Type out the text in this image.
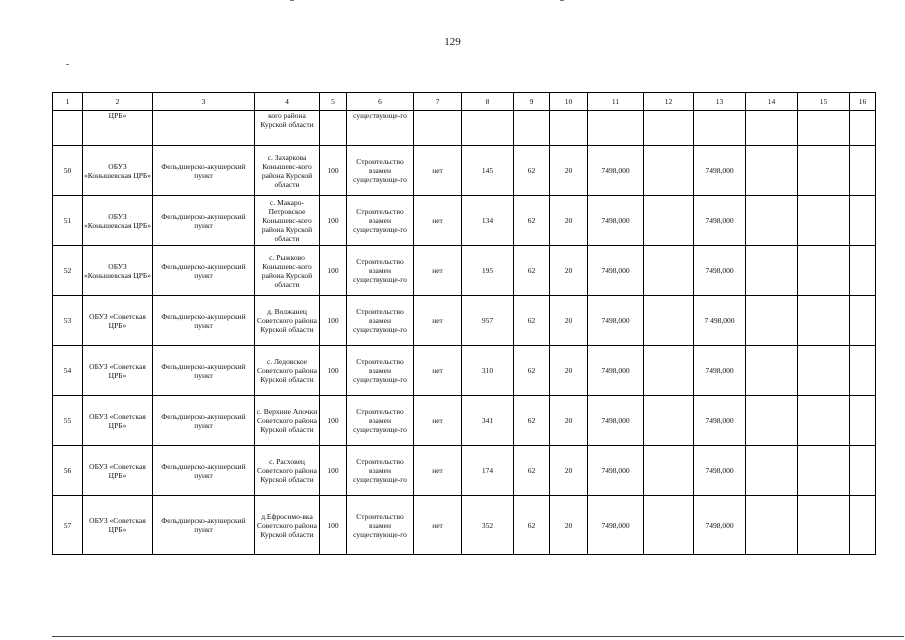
129
1	2	3	4	5	6	7	8	9	10	11	12	13	14	15	16
	ЦРБ»		кого района Курской области		существующе-го										
50	ОБУЗ «Конышевская ЦРБ»	Фельдшерско-акушерский пункт	с. Захаркова Конышевс-кого района Курской области	100	Строительство взамен существующе-го	нет	145	62	20	7498,000		7498,000			
51	ОБУЗ «Конышевская ЦРБ»	Фельдшерско-акушерский пункт	с. Макаро-Петровское Конышевс-кого района Курской области	100	Строительство взамен существующе-го	нет	134	62	20	7498,000		7498,000			
52	ОБУЗ «Конышевская ЦРБ»	Фельдшерско-акушерский пункт	с. Рыжково Конышевс-кого района Курской области	100	Строительство взамен существующе-го	нет	195	62	20	7498,000		7498,000			
53	ОБУЗ «Советская ЦРБ»	Фельдшерско-акушерский пункт	д. Волжанец Советского района Курской области	100	Строительство взамен существующе-го	нет	957	62	20	7498,000		7 498,000			
54	ОБУЗ «Советская ЦРБ»	Фельдшерско-акушерский пункт	с. Ледовское Советского района Курской области	100	Строительство взамен существующе-го	нет	310	62	20	7498,000		7498,000			
55	ОБУЗ «Советская ЦРБ»	Фельдшерско-акушерский пункт	с. Верхние Апочки Советского района Курской области	100	Строительство взамен существующе-го	нет	341	62	20	7498,000		7498,000			
56	ОБУЗ «Советская ЦРБ»	Фельдшерско-акушерский пункт	с. Расховец Советского района Курской области	100	Строительство взамен существующе-го	нет	174	62	20	7498,000		7498,000			
57	ОБУЗ «Советская ЦРБ»	Фельдшерско-акушерский пункт	д.Ефросимо-вка Советского района Курской области	100	Строительство взамен существующе-го	нет	352	62	20	7498,000		7498,000			
